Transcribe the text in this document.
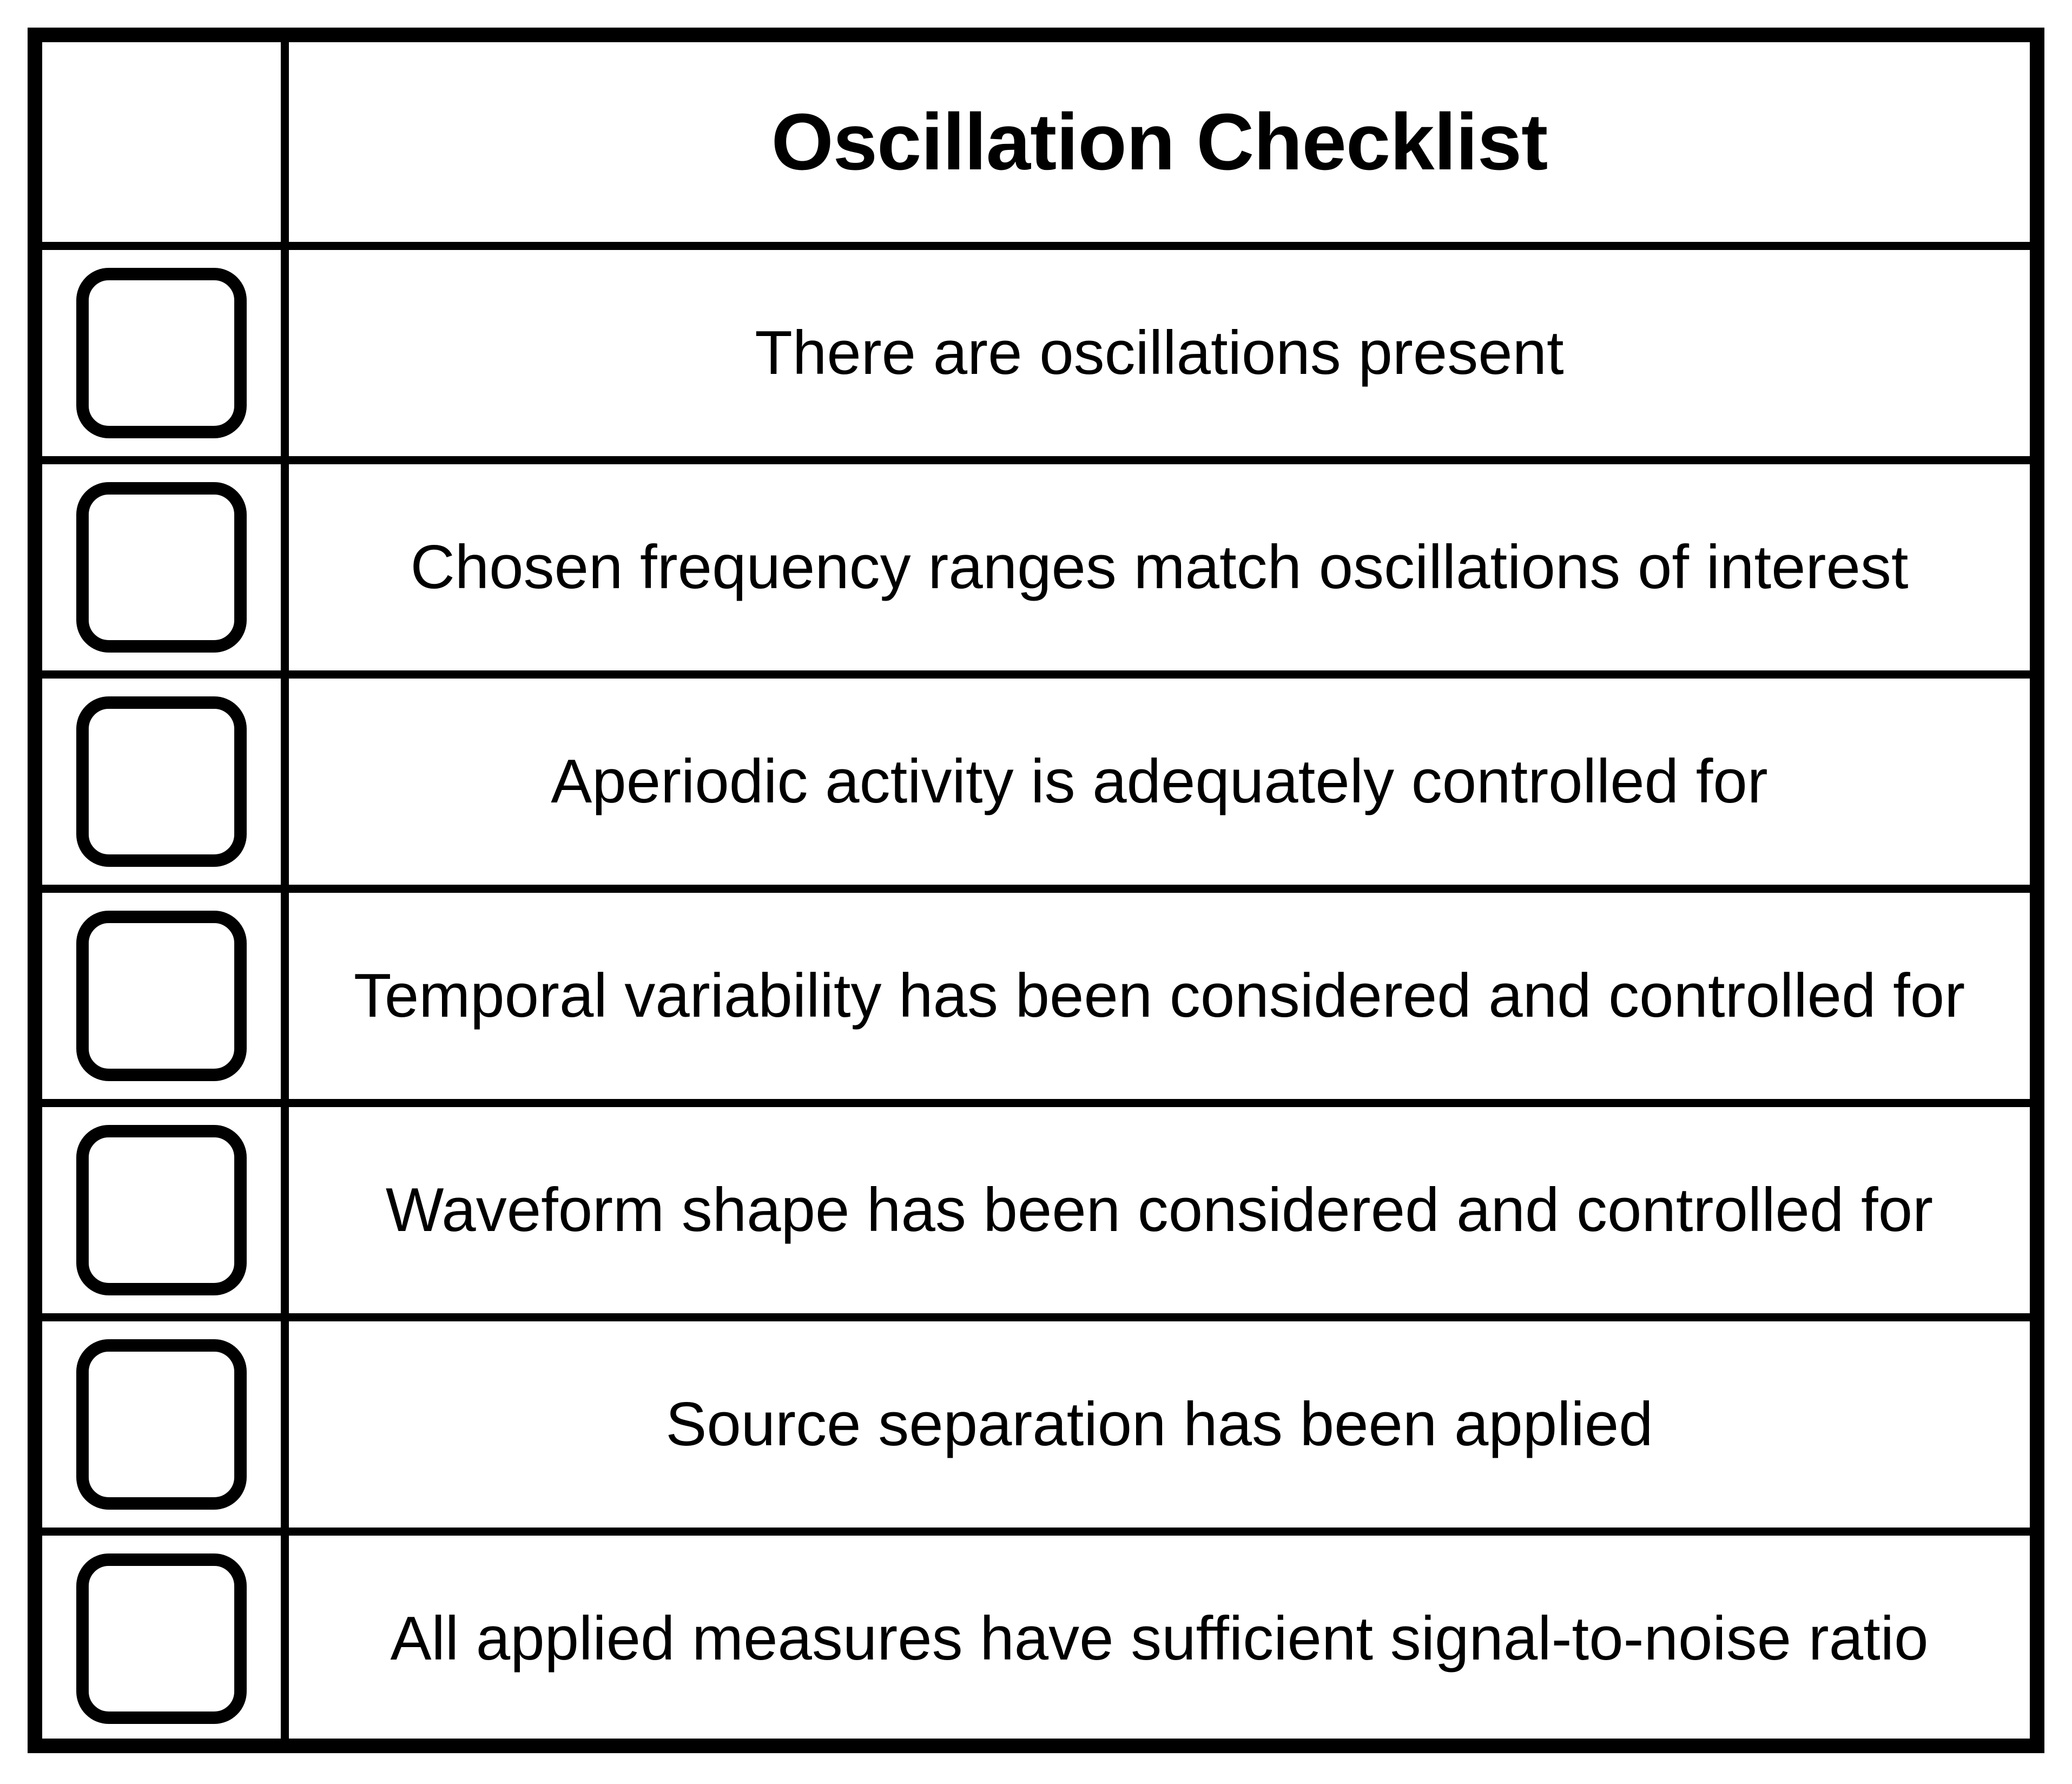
Oscillation Checklist
There are oscillations present
Chosen frequency ranges match oscillations of interest
Aperiodic activity is adequately controlled for
Temporal variability has been considered and controlled for
Waveform shape has been considered and controlled for
Source separation has been applied
All applied measures have sufficient signal-to-noise ratio
